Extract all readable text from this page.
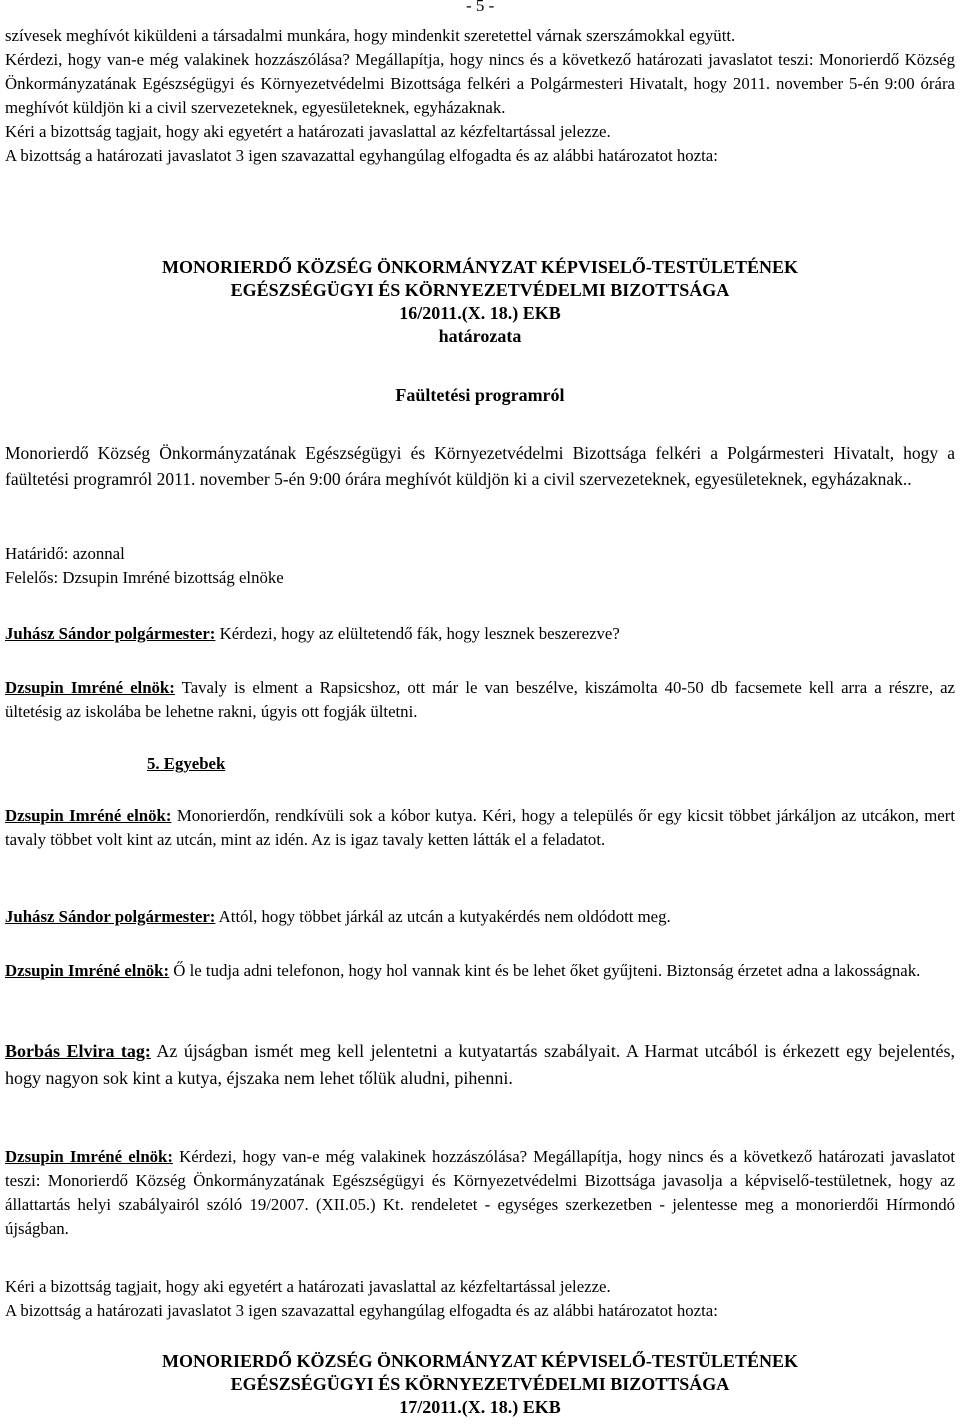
- 5 -

szívesek meghívót kiküldeni a társadalmi munkára, hogy mindenkit szeretettel várnak szerszámokkal együtt.

Kérdezi, hogy van-e még valakinek hozzászólása? Megállapítja, hogy nincs és a következő határozati javaslatot teszi: Monorierdő Község Önkormányzatának Egészségügyi és Környezetvédelmi Bizottsága felkéri a Polgármesteri Hivatalt, hogy 2011. november 5-én 9:00 órára meghívót küldjön ki a civil szervezeteknek, egyesületeknek, egyházaknak.

Kéri a bizottság tagjait, hogy aki egyetért a határozati javaslattal az kézfeltartással jelezze.

A bizottság a határozati javaslatot 3 igen szavazattal egyhangúlag elfogadta és az alábbi határozatot hozta:

MONORIERDŐ KÖZSÉG ÖNKORMÁNYZAT KÉPVISELŐ-TESTÜLETÉNEK
EGÉSZSÉGÜGYI ÉS KÖRNYEZETVÉDELMI BIZOTTSÁGA
16/2011.(X. 18.) EKB
határozata
Faültetési programról

Monorierdő Község Önkormányzatának Egészségügyi és Környezetvédelmi Bizottsága felkéri a Polgármesteri Hivatalt, hogy a faültetési programról 2011. november 5-én 9:00 órára meghívót küldjön ki a civil szervezeteknek, egyesületeknek, egyházaknak..

Határidő: azonnal

Felelős: Dzsupin Imréné bizottság elnöke

Juhász Sándor polgármester: Kérdezi, hogy az elültetendő fák, hogy lesznek beszerezve?

Dzsupin Imréné elnök: Tavaly is elment a Rapsicshoz, ott már le van beszélve, kiszámolta 40-50 db facsemete kell arra a részre, az ültetésig az iskolába be lehetne rakni, úgyis ott fogják ültetni.

5. Egyebek

Dzsupin Imréné elnök: Monorierdőn, rendkívüli sok a kóbor kutya. Kéri, hogy a település őr egy kicsit többet járkáljon az utcákon, mert tavaly többet volt kint az utcán, mint az idén. Az is igaz tavaly ketten látták el a feladatot.

Juhász Sándor polgármester: Attól, hogy többet járkál az utcán a kutyakérdés nem oldódott meg.

Dzsupin Imréné elnök: Ő le tudja adni telefonon, hogy hol vannak kint és be lehet őket gyűjteni. Biztonság érzetet adna a lakosságnak.

Borbás Elvira tag: Az újságban ismét meg kell jelentetni a kutyatartás szabályait. A Harmat utcából is érkezett egy bejelentés, hogy nagyon sok kint a kutya, éjszaka nem lehet tőlük aludni, pihenni.

Dzsupin Imréné elnök: Kérdezi, hogy van-e még valakinek hozzászólása? Megállapítja, hogy nincs és a következő határozati javaslatot teszi: Monorierdő Község Önkormányzatának Egészségügyi és Környezetvédelmi Bizottsága javasolja a képviselő-testületnek, hogy az állattartás helyi szabályairól szóló 19/2007. (XII.05.) Kt. rendeletet - egységes szerkezetben - jelentesse meg a monorierdői Hírmondó újságban.

Kéri a bizottság tagjait, hogy aki egyetért a határozati javaslattal az kézfeltartással jelezze.

A bizottság a határozati javaslatot 3 igen szavazattal egyhangúlag elfogadta és az alábbi határozatot hozta:

MONORIERDŐ KÖZSÉG ÖNKORMÁNYZAT KÉPVISELŐ-TESTÜLETÉNEK
EGÉSZSÉGÜGYI ÉS KÖRNYEZETVÉDELMI BIZOTTSÁGA
17/2011.(X. 18.) EKB
